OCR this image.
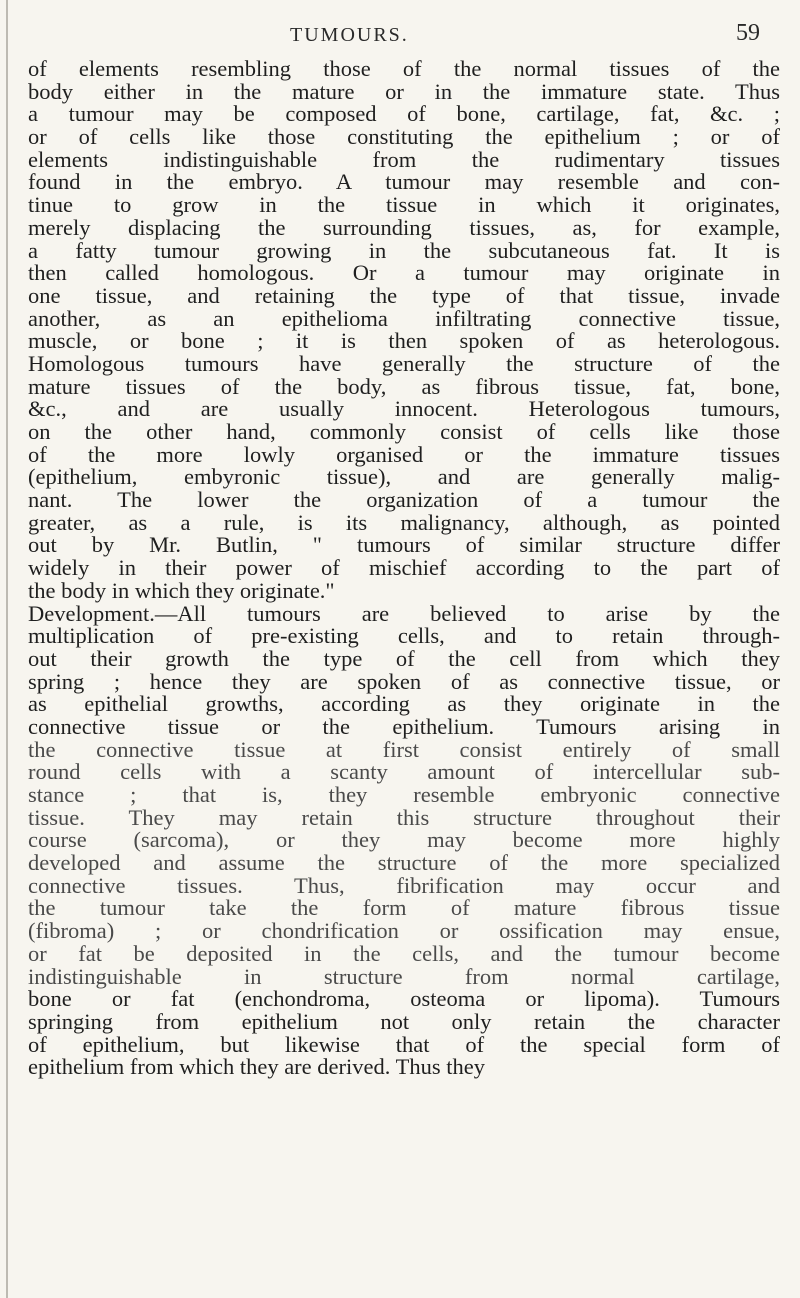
TUMOURS.	59
of elements resembling those of the normal tissues of the
body either in the mature or in the immature state. Thus
a tumour may be composed of bone, cartilage, fat, &c. ;
or of cells like those constituting the epithelium ; or of
elements indistinguishable from the rudimentary tissues
found in the embryo. A tumour may resemble and con-
tinue to grow in the tissue in which it originates,
merely displacing the surrounding tissues, as, for example,
a fatty tumour growing in the subcutaneous fat. It is
then called homologous. Or a tumour may originate in
one tissue, and retaining the type of that tissue, invade
another, as an epithelioma infiltrating connective tissue,
muscle, or bone ; it is then spoken of as heterologous.
Homologous tumours have generally the structure of the
mature tissues of the body, as fibrous tissue, fat, bone,
&c., and are usually innocent. Heterologous tumours,
on the other hand, commonly consist of cells like those
of the more lowly organised or the immature tissues
(epithelium, embyronic tissue), and are generally malig-
nant. The lower the organization of a tumour the
greater, as a rule, is its malignancy, although, as pointed
out by Mr. Butlin, " tumours of similar structure differ
widely in their power of mischief according to the part of
the body in which they originate."
Development.—All tumours are believed to arise by the
multiplication of pre-existing cells, and to retain through-
out their growth the type of the cell from which they
spring ; hence they are spoken of as connective tissue, or
as epithelial growths, according as they originate in the
connective tissue or the epithelium. Tumours arising in
the connective tissue at first consist entirely of small
round cells with a scanty amount of intercellular sub-
stance ; that is, they resemble embryonic connective
tissue. They may retain this structure throughout their
course (sarcoma), or they may become more highly
developed and assume the structure of the more specialized
connective tissues. Thus, fibrification may occur and
the tumour take the form of mature fibrous tissue
(fibroma) ; or chondrification or ossification may ensue,
or fat be deposited in the cells, and the tumour become
indistinguishable in structure from normal cartilage,
bone or fat (enchondroma, osteoma or lipoma). Tumours
springing from epithelium not only retain the character
of epithelium, but likewise that of the special form of
epithelium from which they are derived. Thus they
